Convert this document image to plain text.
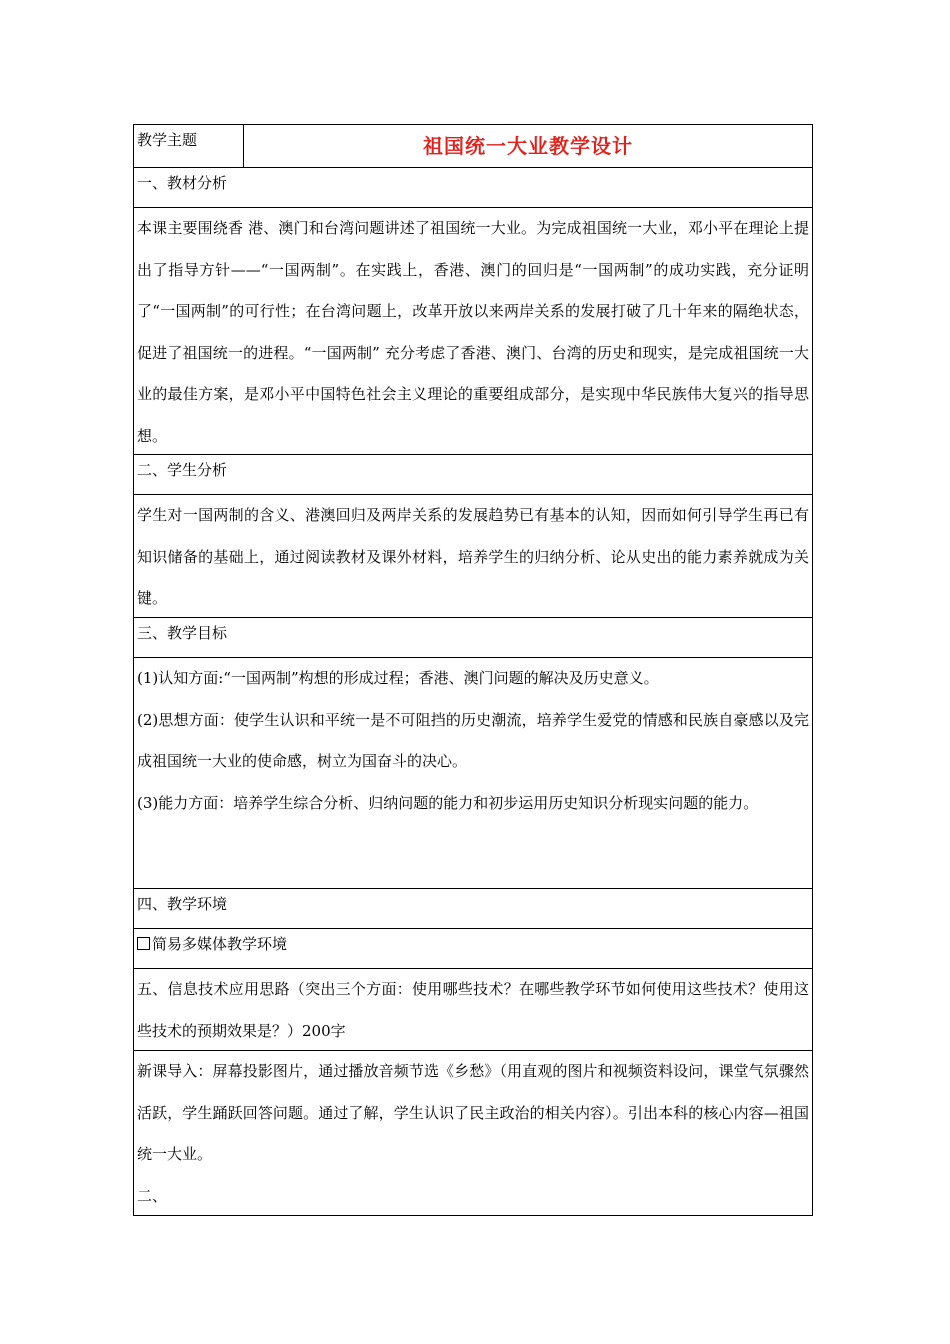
教学主题	祖国统一大业教学设计
一、教材分析
本课主要围绕香 港、澳门和台湾问题讲述了祖国统一大业。为完成祖国统一大业，邓小平在理论上提出了指导方针——“一国两制”。在实践上，香港、澳门的回归是“一国两制”的成功实践，充分证明了“一国两制”的可行性；在台湾问题上，改革开放以来两岸关系的发展打破了几十年来的隔绝状态，促进了祖国统一的进程。“一国两制” 充分考虑了香港、澳门、台湾的历史和现实，是完成祖国统一大业的最佳方案，是邓小平中国特色社会主义理论的重要组成部分，是实现中华民族伟大复兴的指导思 想。
二、学生分析
学生对一国两制的含义、港澳回归及两岸关系的发展趋势已有基本的认知，因而如何引导学生再已有知识储备的基础上，通过阅读教材及课外材料，培养学生的归纳分析、论从史出的能力素养就成为关键。
三、教学目标

(1)认知方面:“一国两制”构想的形成过程；香港、澳门问题的解决及历史意义。

(2)思想方面：使学生认识和平统一是不可阻挡的历史潮流，培养学生爱党的情感和民族自豪感以及完成祖国统一大业的使命感，树立为国奋斗的决心。

(3)能力方面：培养学生综合分析、归纳问题的能力和初步运用历史知识分析现实问题的能力。

四、教学环境
简易多媒体教学环境
五、信息技术应用思路（突出三个方面：使用哪些技术？在哪些教学环节如何使用这些技术？使用这些技术的预期效果是？）200字

新课导入：屏幕投影图片，通过播放音频节选《乡愁》（用直观的图片和视频资料设问，课堂气氛骤然活跃，学生踊跃回答问题。通过了解，学生认识了民主政治的相关内容）。引出本科的核心内容—祖国统一大业。

二、
